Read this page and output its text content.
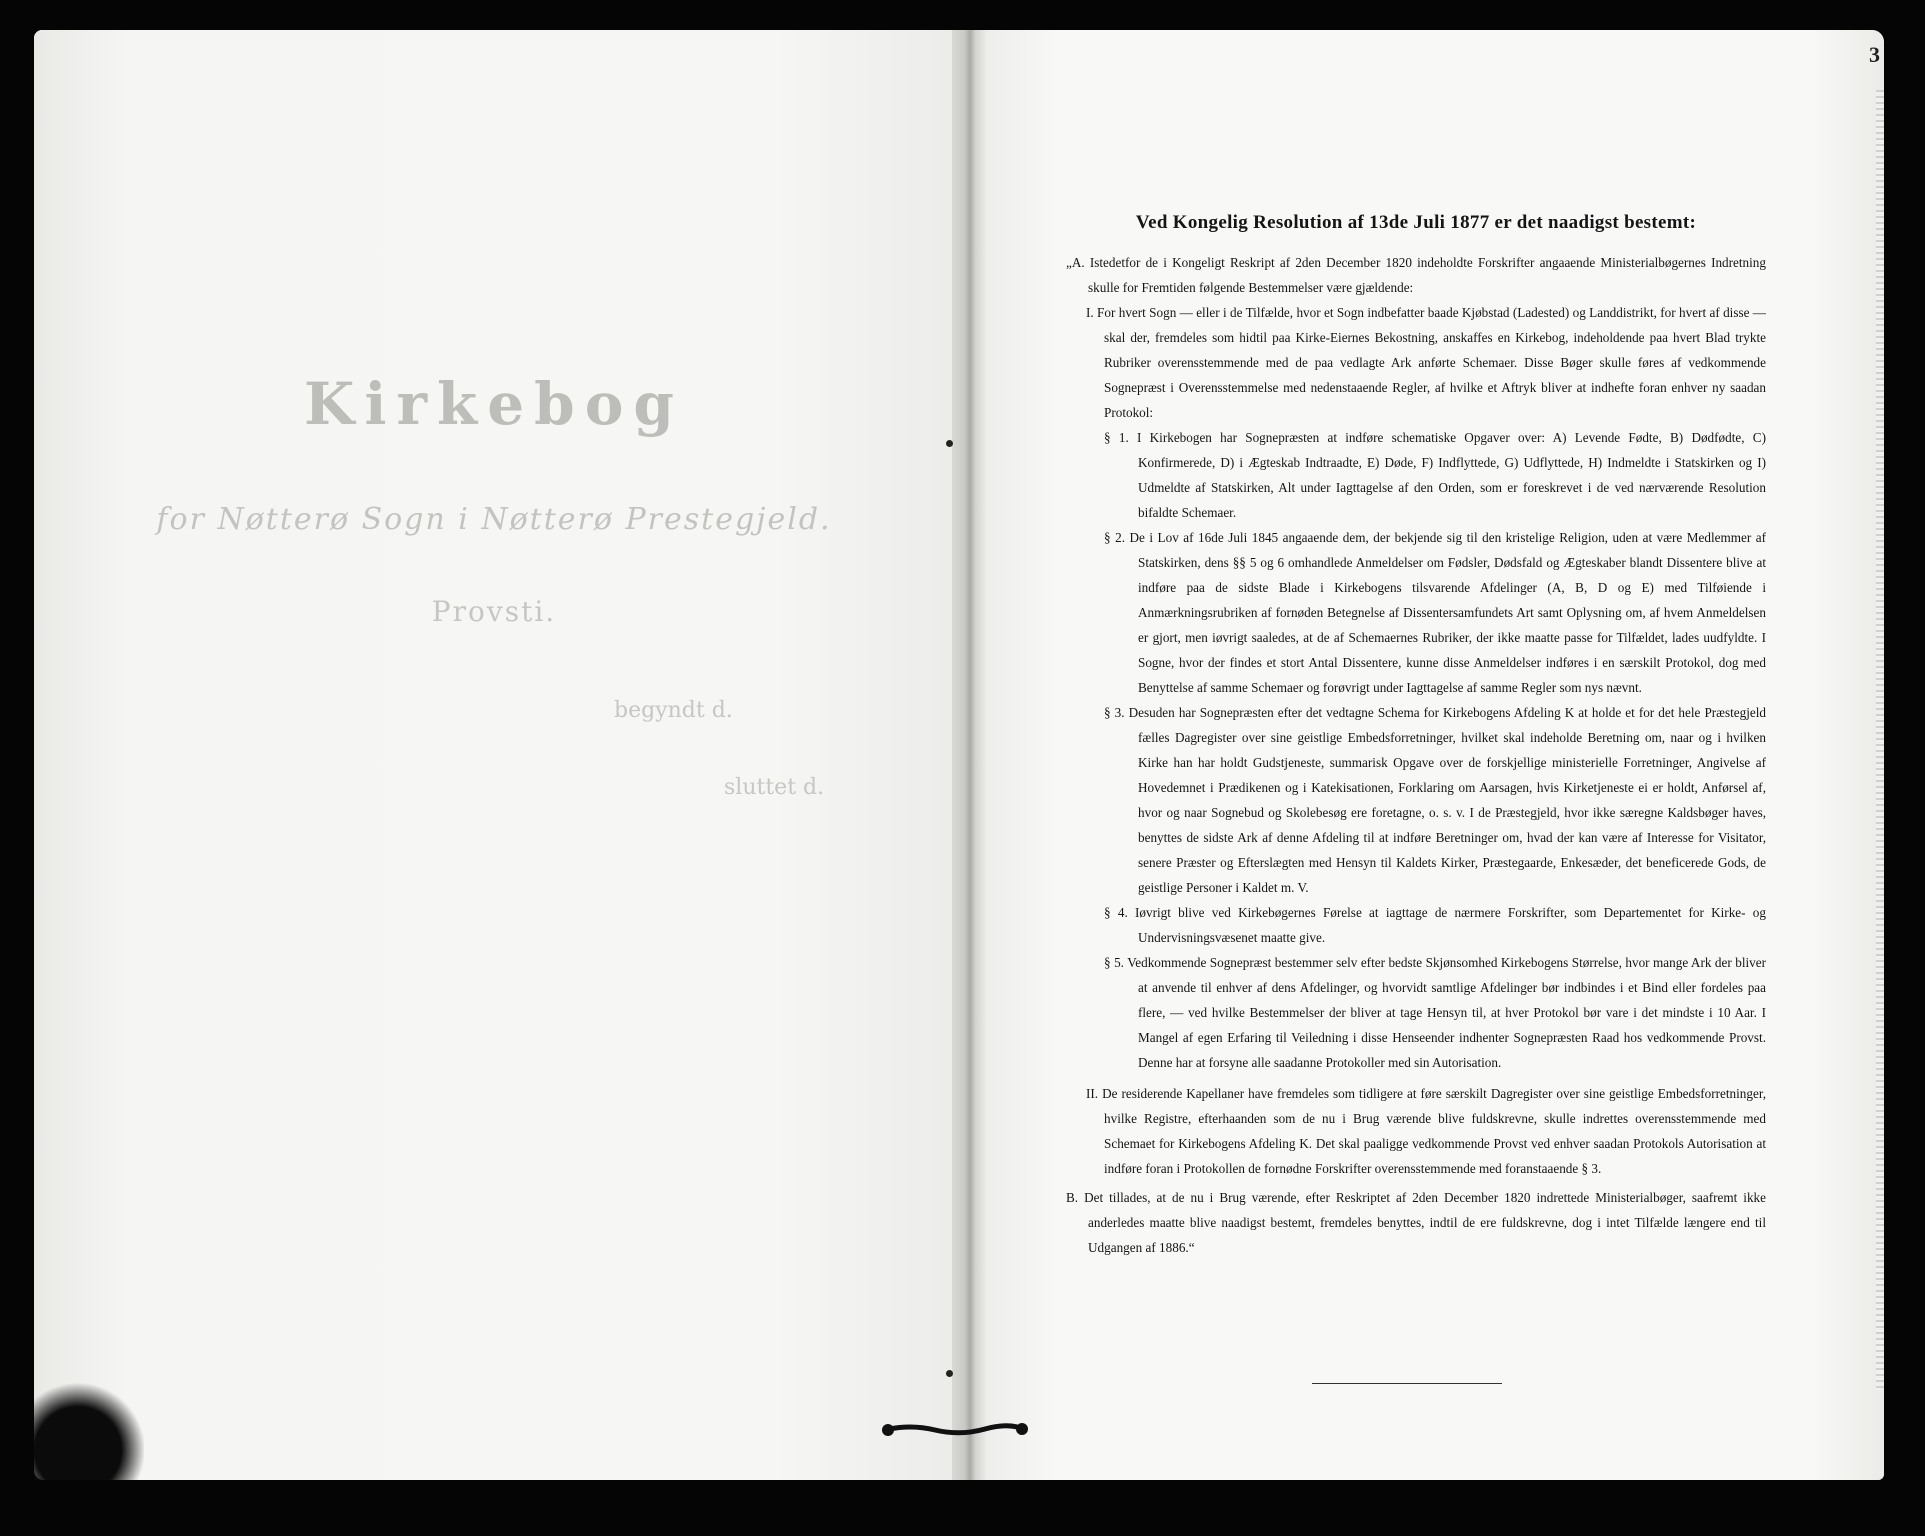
3
Kirkebog
for Nøtterø Sogn i Nøtterø Prestegjeld.
Provsti.
begyndt d.
sluttet d.

Ved Kongelig Resolution af 13de Juli 1877 er det naadigst bestemt:

„A. Istedetfor de i Kongeligt Reskript af 2den December 1820 indeholdte Forskrifter angaaende Ministerialbøgernes Indretning skulle for Fremtiden følgende Bestemmelser være gjældende:

I. For hvert Sogn — eller i de Tilfælde, hvor et Sogn indbefatter baade Kjøbstad (Ladested) og Landdistrikt, for hvert af disse — skal der, fremdeles som hidtil paa Kirke-Eiernes Bekostning, anskaffes en Kirkebog, indeholdende paa hvert Blad trykte Rubriker overensstemmende med de paa vedlagte Ark anførte Schemaer. Disse Bøger skulle føres af vedkommende Sognepræst i Overensstemmelse med nedenstaaende Regler, af hvilke et Aftryk bliver at indhefte foran enhver ny saadan Protokol:

§ 1. I Kirkebogen har Sognepræsten at indføre schematiske Opgaver over: A) Levende Fødte, B) Dødfødte, C) Konfirmerede, D) i Ægteskab Indtraadte, E) Døde, F) Indflyttede, G) Udflyttede, H) Indmeldte i Statskirken og I) Udmeldte af Statskirken, Alt under Iagttagelse af den Orden, som er foreskrevet i de ved nærværende Resolution bifaldte Schemaer.

§ 2. De i Lov af 16de Juli 1845 angaaende dem, der bekjende sig til den kristelige Religion, uden at være Medlemmer af Statskirken, dens §§ 5 og 6 omhandlede Anmeldelser om Fødsler, Dødsfald og Ægteskaber blandt Dissentere blive at indføre paa de sidste Blade i Kirkebogens tilsvarende Afdelinger (A, B, D og E) med Tilføiende i Anmærkningsrubriken af fornøden Betegnelse af Dissentersamfundets Art samt Oplysning om, af hvem Anmeldelsen er gjort, men iøvrigt saaledes, at de af Schemaernes Rubriker, der ikke maatte passe for Tilfældet, lades uudfyldte. I Sogne, hvor der findes et stort Antal Dissentere, kunne disse Anmeldelser indføres i en særskilt Protokol, dog med Benyttelse af samme Schemaer og forøvrigt under Iagttagelse af samme Regler som nys nævnt.

§ 3. Desuden har Sognepræsten efter det vedtagne Schema for Kirkebogens Afdeling K at holde et for det hele Præstegjeld fælles Dagregister over sine geistlige Embedsforretninger, hvilket skal indeholde Beretning om, naar og i hvilken Kirke han har holdt Gudstjeneste, summarisk Opgave over de forskjellige ministerielle Forretninger, Angivelse af Hovedemnet i Prædikenen og i Katekisationen, Forklaring om Aarsagen, hvis Kirketjeneste ei er holdt, Anførsel af, hvor og naar Sognebud og Skolebesøg ere foretagne, o. s. v. I de Præstegjeld, hvor ikke særegne Kaldsbøger haves, benyttes de sidste Ark af denne Afdeling til at indføre Beretninger om, hvad der kan være af Interesse for Visitator, senere Præster og Efterslægten med Hensyn til Kaldets Kirker, Præstegaarde, Enkesæder, det beneficerede Gods, de geistlige Personer i Kaldet m. V.

§ 4. Iøvrigt blive ved Kirkebøgernes Førelse at iagttage de nærmere Forskrifter, som Departementet for Kirke- og Undervisningsvæsenet maatte give.

§ 5. Vedkommende Sognepræst bestemmer selv efter bedste Skjønsomhed Kirkebogens Størrelse, hvor mange Ark der bliver at anvende til enhver af dens Afdelinger, og hvorvidt samtlige Afdelinger bør indbindes i et Bind eller fordeles paa flere, — ved hvilke Bestemmelser der bliver at tage Hensyn til, at hver Protokol bør vare i det mindste i 10 Aar. I Mangel af egen Erfaring til Veiledning i disse Henseender indhenter Sognepræsten Raad hos vedkommende Provst. Denne har at forsyne alle saadanne Protokoller med sin Autorisation.

II. De residerende Kapellaner have fremdeles som tidligere at føre særskilt Dagregister over sine geistlige Embedsforretninger, hvilke Registre, efterhaanden som de nu i Brug værende blive fuldskrevne, skulle indrettes overensstemmende med Schemaet for Kirkebogens Afdeling K. Det skal paaligge vedkommende Provst ved enhver saadan Protokols Autorisation at indføre foran i Protokollen de fornødne Forskrifter overensstemmende med foranstaaende § 3.

B. Det tillades, at de nu i Brug værende, efter Reskriptet af 2den December 1820 indrettede Ministerialbøger, saafremt ikke anderledes maatte blive naadigst bestemt, fremdeles benyttes, indtil de ere fuldskrevne, dog i intet Tilfælde længere end til Udgangen af 1886.“
